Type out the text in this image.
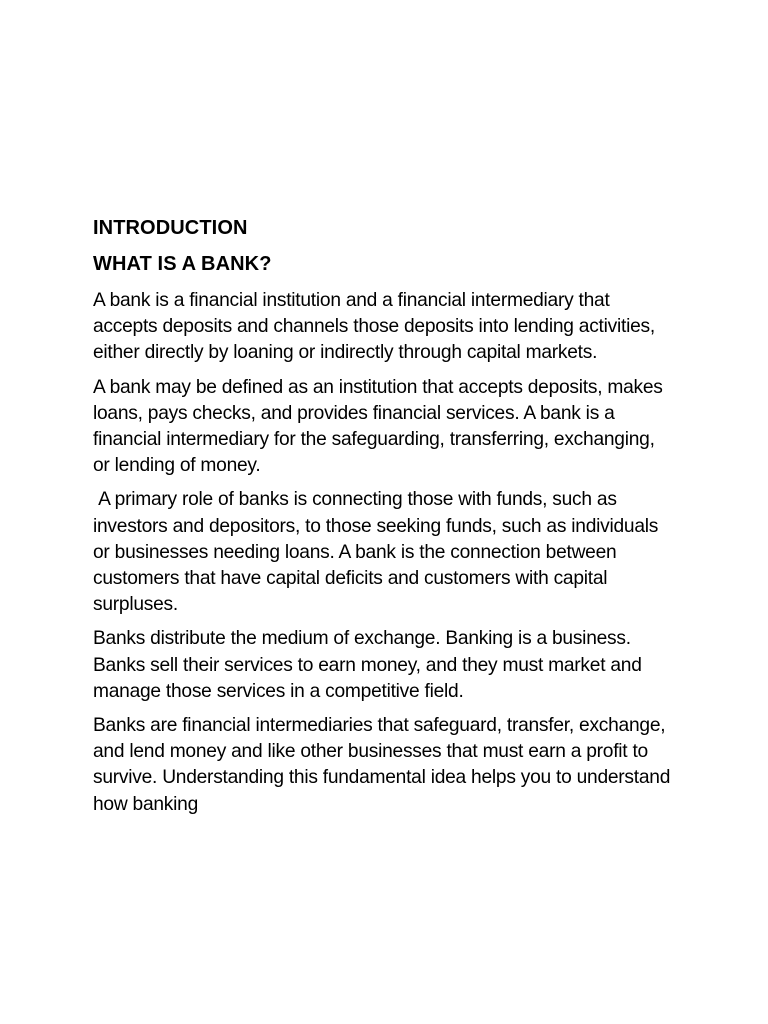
INTRODUCTION
WHAT IS A BANK?

A bank is a financial institution and a financial intermediary that accepts deposits and channels those deposits into lending activities, either directly by loaning or indirectly through capital markets.

A bank may be defined as an institution that accepts deposits, makes loans, pays checks, and provides financial services. A bank is a financial intermediary for the safeguarding, transferring, exchanging, or lending of money.

A primary role of banks is connecting those with funds, such as investors and depositors, to those seeking funds, such as individuals or businesses needing loans. A bank is the connection between customers that have capital deficits and customers with capital surpluses.

Banks distribute the medium of exchange. Banking is a business. Banks sell their services to earn money, and they must market and manage those services in a competitive field.

Banks are financial intermediaries that safeguard, transfer, exchange, and lend money and like other businesses that must earn a profit to survive. Understanding this fundamental idea helps you to understand how banking
